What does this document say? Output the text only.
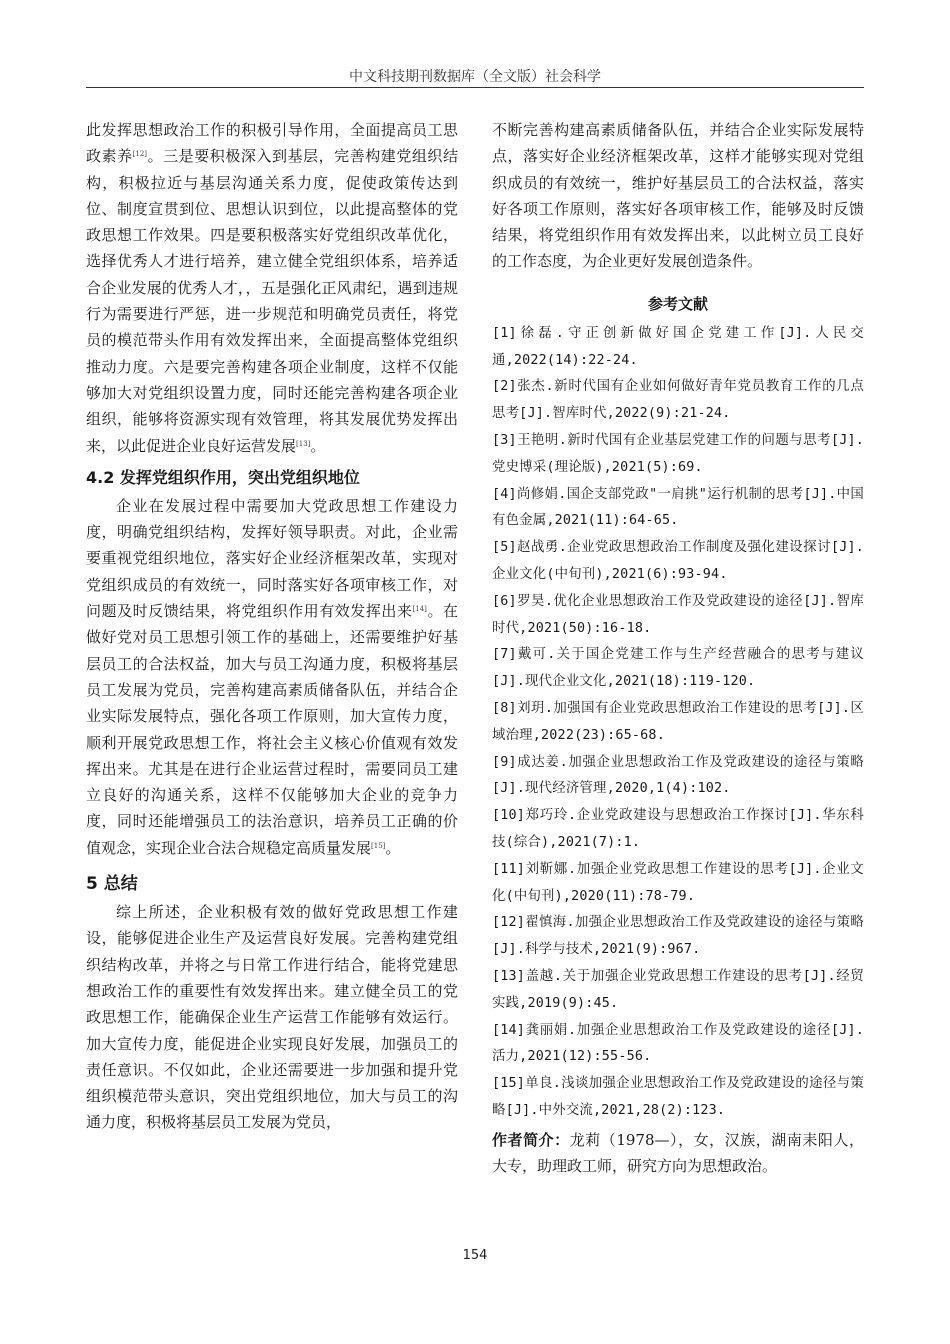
中文科技期刊数据库（全文版）社会科学

此发挥思想政治工作的积极引导作用，全面提高员工思政素养[12]。三是要积极深入到基层，完善构建党组织结构，积极拉近与基层沟通关系力度，促使政策传达到位、制度宣贯到位、思想认识到位，以此提高整体的党政思想工作效果。四是要积极落实好党组织改革优化，选择优秀人才进行培养，建立健全党组织体系，培养适合企业发展的优秀人才，，五是强化正风肃纪，遇到违规行为需要进行严惩，进一步规范和明确党员责任，将党员的模范带头作用有效发挥出来，全面提高整体党组织推动力度。六是要完善构建各项企业制度，这样不仅能够加大对党组织设置力度，同时还能完善构建各项企业组织，能够将资源实现有效管理，将其发展优势发挥出来，以此促进企业良好运营发展[13]。

4.2 发挥党组织作用，突出党组织地位

企业在发展过程中需要加大党政思想工作建设力度，明确党组织结构，发挥好领导职责。对此，企业需要重视党组织地位，落实好企业经济框架改革，实现对党组织成员的有效统一，同时落实好各项审核工作，对问题及时反馈结果，将党组织作用有效发挥出来[14]。在做好党对员工思想引领工作的基础上，还需要维护好基层员工的合法权益，加大与员工沟通力度，积极将基层员工发展为党员，完善构建高素质储备队伍，并结合企业实际发展特点，强化各项工作原则，加大宣传力度，顺利开展党政思想工作，将社会主义核心价值观有效发挥出来。尤其是在进行企业运营过程时，需要同员工建立良好的沟通关系，这样不仅能够加大企业的竞争力度，同时还能增强员工的法治意识，培养员工正确的价值观念，实现企业合法合规稳定高质量发展[15]。

5 总结

综上所述，企业积极有效的做好党政思想工作建设，能够促进企业生产及运营良好发展。完善构建党组织结构改革，并将之与日常工作进行结合，能将党建思想政治工作的重要性有效发挥出来。建立健全员工的党政思想工作，能确保企业生产运营工作能够有效运行。加大宣传力度，能促进企业实现良好发展，加强员工的责任意识。不仅如此，企业还需要进一步加强和提升党组织模范带头意识，突出党组织地位，加大与员工的沟通力度，积极将基层员工发展为党员，

不断完善构建高素质储备队伍，并结合企业实际发展特点，落实好企业经济框架改革，这样才能够实现对党组织成员的有效统一，维护好基层员工的合法权益，落实好各项工作原则，落实好各项审核工作，能够及时反馈结果，将党组织作用有效发挥出来，以此树立员工良好的工作态度，为企业更好发展创造条件。

参考文献
[1]徐磊.守正创新做好国企党建工作[J].人民交通,2022(14):22-24.
[2]张杰.新时代国有企业如何做好青年党员教育工作的几点思考[J].智库时代,2022(9):21-24.
[3]王艳明.新时代国有企业基层党建工作的问题与思考[J].党史博采(理论版),2021(5):69.
[4]尚修娟.国企支部党政"一肩挑"运行机制的思考[J].中国有色金属,2021(11):64-65.
[5]赵战勇.企业党政思想政治工作制度及强化建设探讨[J].企业文化(中旬刊),2021(6):93-94.
[6]罗昊.优化企业思想政治工作及党政建设的途径[J].智库时代,2021(50):16-18.
[7]戴可.关于国企党建工作与生产经营融合的思考与建议[J].现代企业文化,2021(18):119-120.
[8]刘玥.加强国有企业党政思想政治工作建设的思考[J].区域治理,2022(23):65-68.
[9]成达姜.加强企业思想政治工作及党政建设的途径与策略[J].现代经济管理,2020,1(4):102.
[10]郑巧玲.企业党政建设与思想政治工作探讨[J].华东科技(综合),2021(7):1.
[11]刘靳娜.加强企业党政思想工作建设的思考[J].企业文化(中旬刊),2020(11):78-79.
[12]翟慎海.加强企业思想政治工作及党政建设的途径与策略[J].科学与技术,2021(9):967.
[13]盖越.关于加强企业党政思想工作建设的思考[J].经贸实践,2019(9):45.
[14]龚丽娟.加强企业思想政治工作及党政建设的途径[J].活力,2021(12):55-56.
[15]单良.浅谈加强企业思想政治工作及党政建设的途径与策略[J].中外交流,2021,28(2):123.
作者简介：龙莉（1978—），女，汉族，湖南耒阳人，大专，助理政工师，研究方向为思想政治。
154
